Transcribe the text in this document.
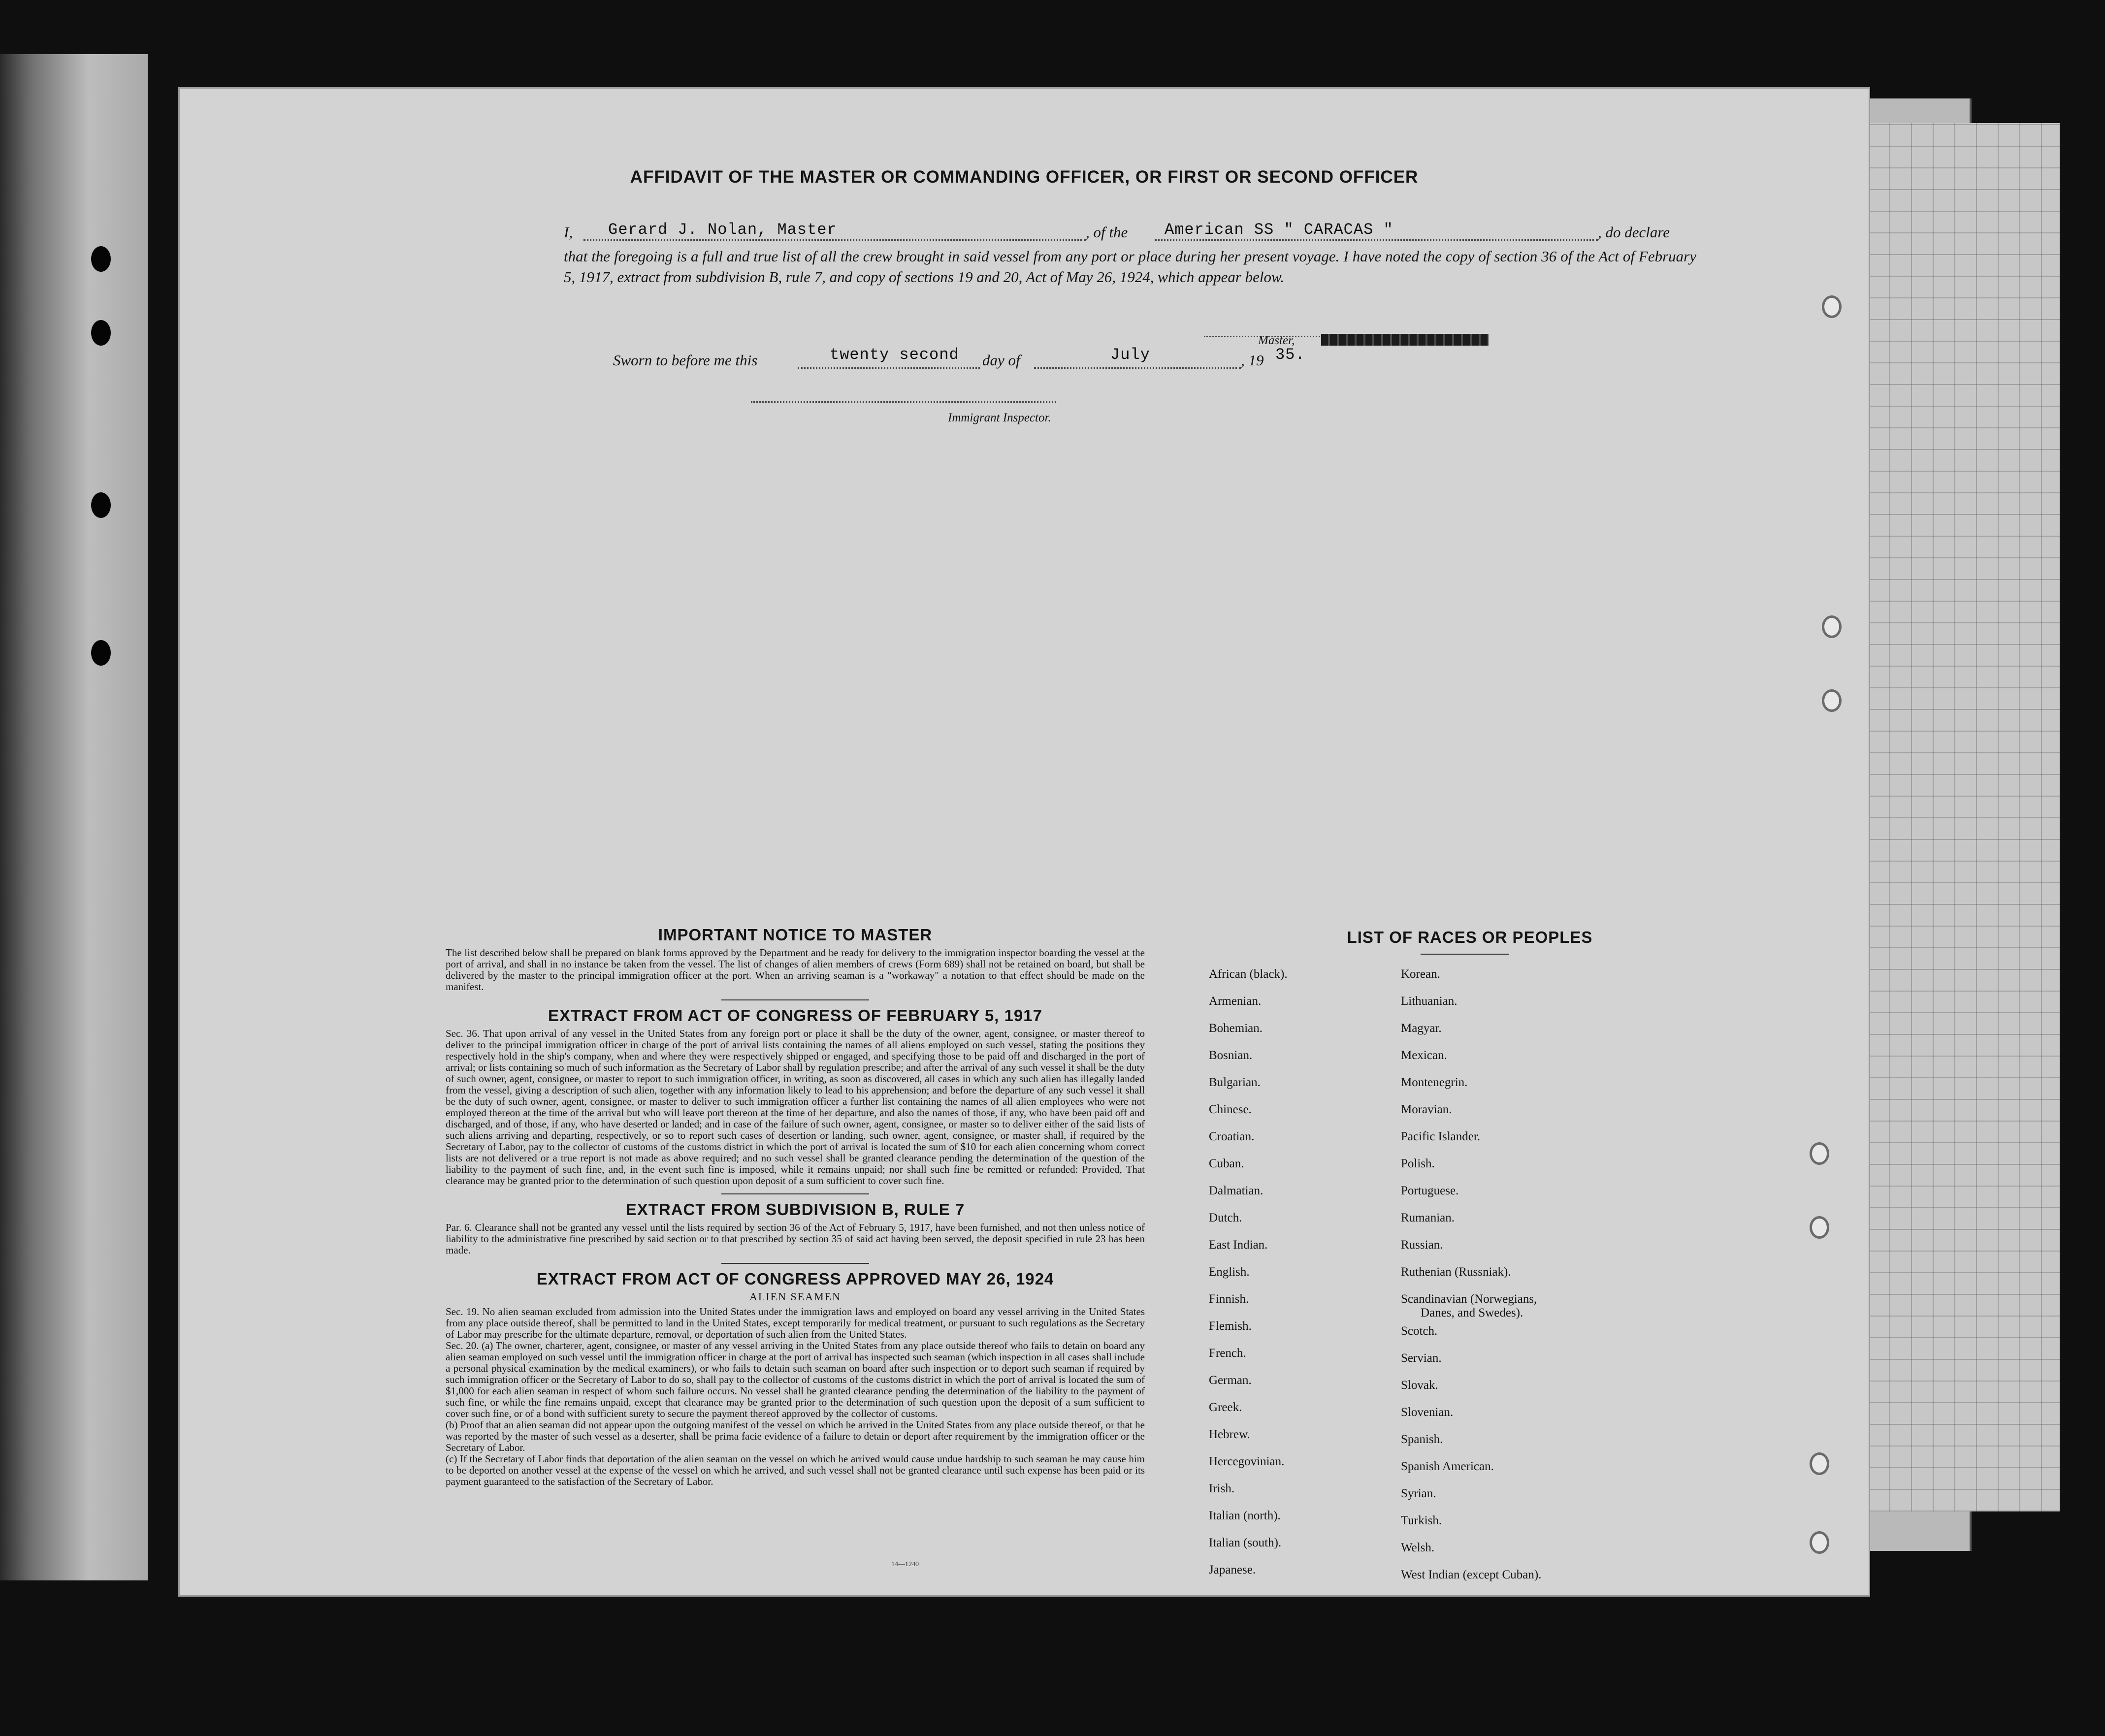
AFFIDAVIT OF THE MASTER OR COMMANDING OFFICER, OR FIRST OR SECOND OFFICER
I, Gerard J. Nolan, Master	, of the American SS " CARACAS "	, do declare
that the foregoing is a full and true list of all the crew brought in said vessel from any port or place during her present voyage. I have noted the copy of section 36 of the Act of February 5, 1917, extract from subdivision B, rule 7, and copy of sections 19 and 20, Act of May 26, 1924, which appear below.
Master,
Sworn to before me this	twenty second day of	July	, 19 35.
Immigrant Inspector.
IMPORTANT NOTICE TO MASTER

The list described below shall be prepared on blank forms approved by the Department and be ready for delivery to the immigration inspector boarding the vessel at the port of arrival, and shall in no instance be taken from the vessel. The list of changes of alien members of crews (Form 689) shall not be retained on board, but shall be delivered by the master to the principal immigration officer at the port. When an arriving seaman is a "workaway" a notation to that effect should be made on the manifest.

EXTRACT FROM ACT OF CONGRESS OF FEBRUARY 5, 1917

Sec. 36. That upon arrival of any vessel in the United States from any foreign port or place it shall be the duty of the owner, agent, consignee, or master thereof to deliver to the principal immigration officer in charge of the port of arrival lists containing the names of all aliens employed on such vessel, stating the positions they respectively hold in the ship's company, when and where they were respectively shipped or engaged, and specifying those to be paid off and discharged in the port of arrival; or lists containing so much of such information as the Secretary of Labor shall by regulation prescribe; and after the arrival of any such vessel it shall be the duty of such owner, agent, consignee, or master to report to such immigration officer, in writing, as soon as discovered, all cases in which any such alien has illegally landed from the vessel, giving a description of such alien, together with any information likely to lead to his apprehension; and before the departure of any such vessel it shall be the duty of such owner, agent, consignee, or master to deliver to such immigration officer a further list containing the names of all alien employees who were not employed thereon at the time of the arrival but who will leave port thereon at the time of her departure, and also the names of those, if any, who have been paid off and discharged, and of those, if any, who have deserted or landed; and in case of the failure of such owner, agent, consignee, or master so to deliver either of the said lists of such aliens arriving and departing, respectively, or so to report such cases of desertion or landing, such owner, agent, consignee, or master shall, if required by the Secretary of Labor, pay to the collector of customs of the customs district in which the port of arrival is located the sum of $10 for each alien concerning whom correct lists are not delivered or a true report is not made as above required; and no such vessel shall be granted clearance pending the determination of the question of the liability to the payment of such fine, and, in the event such fine is imposed, while it remains unpaid; nor shall such fine be remitted or refunded: Provided, That clearance may be granted prior to the determination of such question upon deposit of a sum sufficient to cover such fine.

EXTRACT FROM SUBDIVISION B, RULE 7

Par. 6. Clearance shall not be granted any vessel until the lists required by section 36 of the Act of February 5, 1917, have been furnished, and not then unless notice of liability to the administrative fine prescribed by said section or to that prescribed by section 35 of said act having been served, the deposit specified in rule 23 has been made.

EXTRACT FROM ACT OF CONGRESS APPROVED MAY 26, 1924

ALIEN SEAMEN

Sec. 19. No alien seaman excluded from admission into the United States under the immigration laws and employed on board any vessel arriving in the United States from any place outside thereof, shall be permitted to land in the United States, except temporarily for medical treatment, or pursuant to such regulations as the Secretary of Labor may prescribe for the ultimate departure, removal, or deportation of such alien from the United States.

Sec. 20. (a) The owner, charterer, agent, consignee, or master of any vessel arriving in the United States from any place outside thereof who fails to detain on board any alien seaman employed on such vessel until the immigration officer in charge at the port of arrival has inspected such seaman (which inspection in all cases shall include a personal physical examination by the medical examiners), or who fails to detain such seaman on board after such inspection or to deport such seaman if required by such immigration officer or the Secretary of Labor to do so, shall pay to the collector of customs of the customs district in which the port of arrival is located the sum of $1,000 for each alien seaman in respect of whom such failure occurs. No vessel shall be granted clearance pending the determination of the liability to the payment of such fine, or while the fine remains unpaid, except that clearance may be granted prior to the determination of such question upon the deposit of a sum sufficient to cover such fine, or of a bond with sufficient surety to secure the payment thereof approved by the collector of customs.

(b) Proof that an alien seaman did not appear upon the outgoing manifest of the vessel on which he arrived in the United States from any place outside thereof, or that he was reported by the master of such vessel as a deserter, shall be prima facie evidence of a failure to detain or deport after requirement by the immigration officer or the Secretary of Labor.

(c) If the Secretary of Labor finds that deportation of the alien seaman on the vessel on which he arrived would cause undue hardship to such seaman he may cause him to be deported on another vessel at the expense of the vessel on which he arrived, and such vessel shall not be granted clearance until such expense has been paid or its payment guaranteed to the satisfaction of the Secretary of Labor.

14—1240
LIST OF RACES OR PEOPLES
African (black).
Armenian.
Bohemian.
Bosnian.
Bulgarian.
Chinese.
Croatian.
Cuban.
Dalmatian.
Dutch.
East Indian.
English.
Finnish.
Flemish.
French.
German.
Greek.
Hebrew.
Hercegovinian.
Irish.
Italian (north).
Italian (south).
Japanese.
Korean.
Lithuanian.
Magyar.
Mexican.
Montenegrin.
Moravian.
Pacific Islander.
Polish.
Portuguese.
Rumanian.
Russian.
Ruthenian (Russniak).
Scandinavian (Norwegians,
Danes, and Swedes).
Scotch.
Servian.
Slovak.
Slovenian.
Spanish.
Spanish American.
Syrian.
Turkish.
Welsh.
West Indian (except Cuban).
